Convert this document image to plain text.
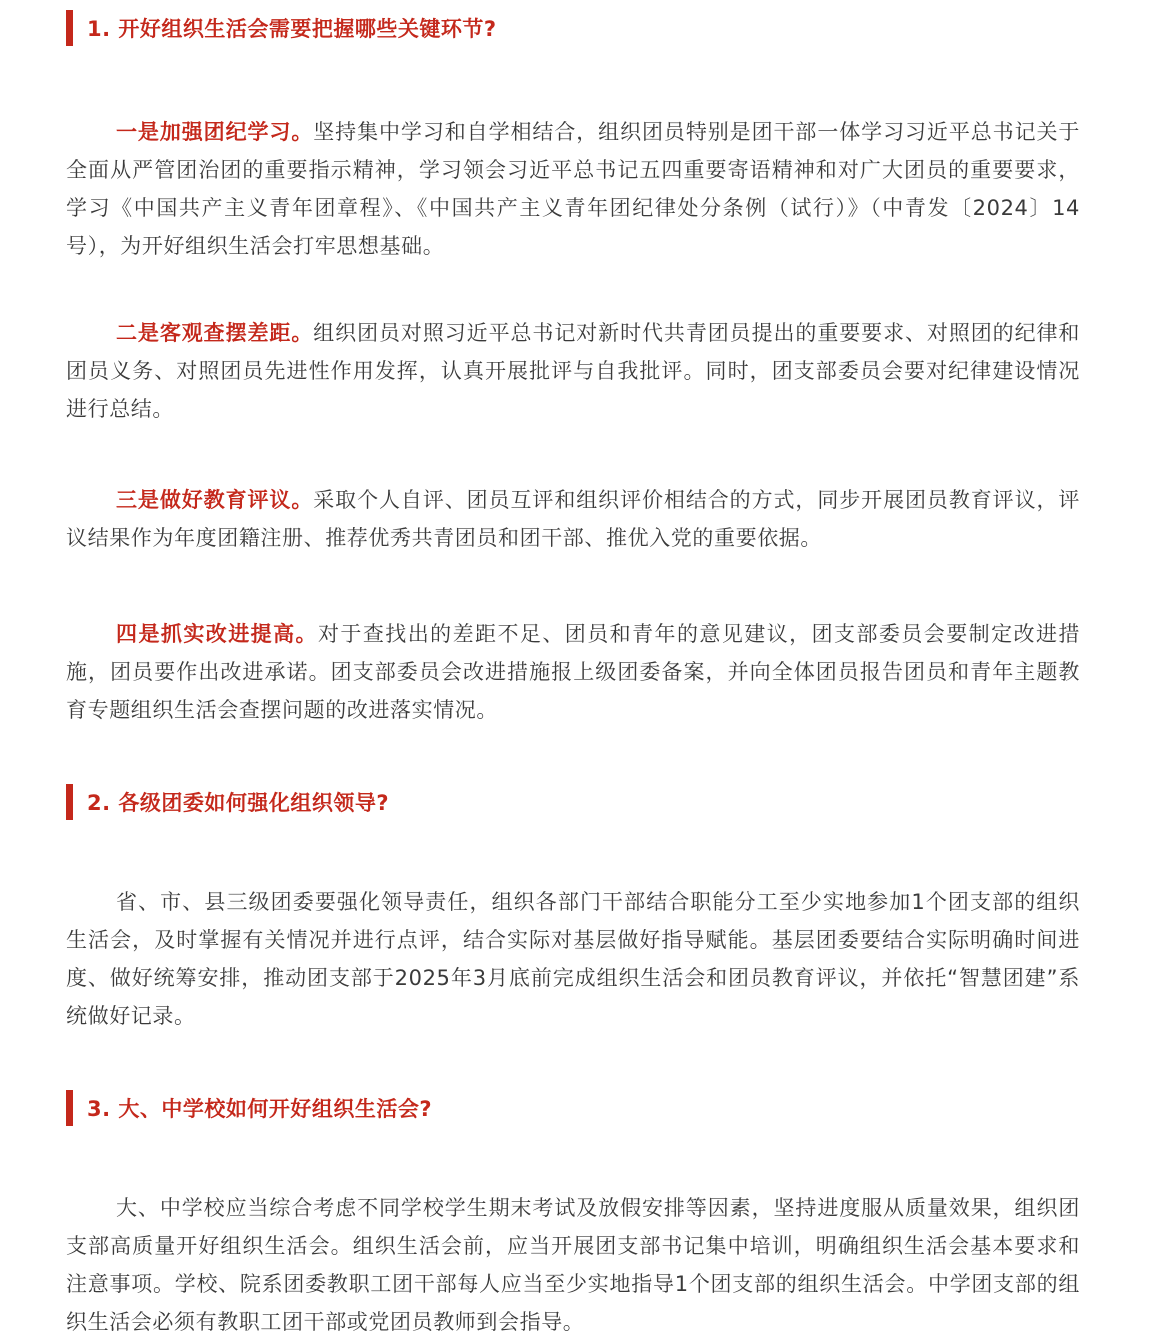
1. 开好组织生活会需要把握哪些关键环节?

一是加强团纪学习。坚持集中学习和自学相结合，组织团员特别是团干部一体学习习近平总书记关于全面从严管团治团的重要指示精神，学习领会习近平总书记五四重要寄语精神和对广大团员的重要要求，学习《中国共产主义青年团章程》、《中国共产主义青年团纪律处分条例（试行）》（中青发〔2024〕14号），为开好组织生活会打牢思想基础。

二是客观查摆差距。组织团员对照习近平总书记对新时代共青团员提出的重要要求、对照团的纪律和团员义务、对照团员先进性作用发挥，认真开展批评与自我批评。同时，团支部委员会要对纪律建设情况进行总结。

三是做好教育评议。采取个人自评、团员互评和组织评价相结合的方式，同步开展团员教育评议，评议结果作为年度团籍注册、推荐优秀共青团员和团干部、推优入党的重要依据。

四是抓实改进提高。对于查找出的差距不足、团员和青年的意见建议，团支部委员会要制定改进措施，团员要作出改进承诺。团支部委员会改进措施报上级团委备案，并向全体团员报告团员和青年主题教育专题组织生活会查摆问题的改进落实情况。

2. 各级团委如何强化组织领导?

省、市、县三级团委要强化领导责任，组织各部门干部结合职能分工至少实地参加1个团支部的组织生活会，及时掌握有关情况并进行点评，结合实际对基层做好指导赋能。基层团委要结合实际明确时间进度、做好统筹安排，推动团支部于2025年3月底前完成组织生活会和团员教育评议，并依托“智慧团建”系统做好记录。

3. 大、中学校如何开好组织生活会?

大、中学校应当综合考虑不同学校学生期末考试及放假安排等因素，坚持进度服从质量效果，组织团支部高质量开好组织生活会。组织生活会前，应当开展团支部书记集中培训，明确组织生活会基本要求和注意事项。学校、院系团委教职工团干部每人应当至少实地指导1个团支部的组织生活会。中学团支部的组织生活会必须有教职工团干部或党团员教师到会指导。
